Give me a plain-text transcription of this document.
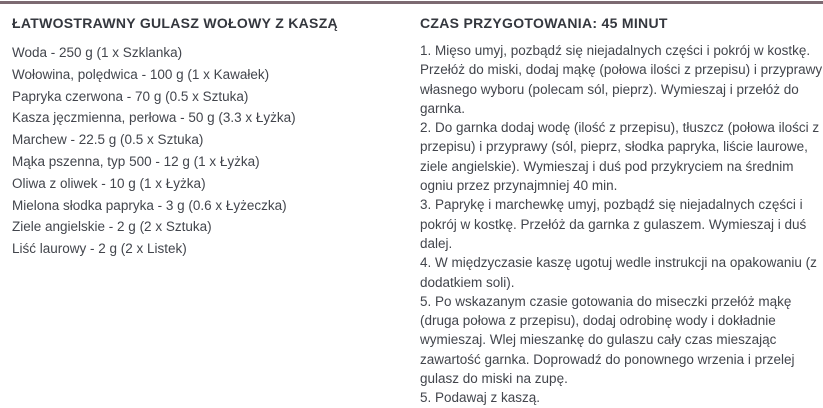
ŁATWOSTRAWNY GULASZ WOŁOWY Z KASZĄ
Woda - 250 g (1 x Szklanka)
Wołowina, polędwica - 100 g (1 x Kawałek)
Papryka czerwona - 70 g (0.5 x Sztuka)
Kasza jęczmienna, perłowa - 50 g (3.3 x Łyżka)
Marchew - 22.5 g (0.5 x Sztuka)
Mąka pszenna, typ 500 - 12 g (1 x Łyżka)
Oliwa z oliwek - 10 g (1 x Łyżka)
Mielona słodka papryka - 3 g (0.6 x Łyżeczka)
Ziele angielskie - 2 g (2 x Sztuka)
Liść laurowy - 2 g (2 x Listek)
CZAS PRZYGOTOWANIA: 45 MINUT

1. Mięso umyj, pozbądź się niejadalnych części i pokrój w kostkę. Przełóż do miski, dodaj mąkę (połowa ilości z przepisu) i przyprawy własnego wyboru (polecam sól, pieprz). Wymieszaj i przełóż do garnka.

2. Do garnka dodaj wodę (ilość z przepisu), tłuszcz (połowa ilości z przepisu) i przyprawy (sól, pieprz, słodka papryka, liście laurowe, ziele angielskie). Wymieszaj i duś pod przykryciem na średnim ogniu przez przynajmniej 40 min.

3. Paprykę i marchewkę umyj, pozbądź się niejadalnych części i pokrój w kostkę. Przełóż da garnka z gulaszem. Wymieszaj i duś dalej.

4. W międzyczasie kaszę ugotuj wedle instrukcji na opakowaniu (z dodatkiem soli).

5. Po wskazanym czasie gotowania do miseczki przełóż mąkę (druga połowa z przepisu), dodaj odrobinę wody i dokładnie wymieszaj. Wlej mieszankę do gulaszu cały czas mieszając zawartość garnka. Doprowadź do ponownego wrzenia i przelej gulasz do miski na zupę.

5. Podawaj z kaszą.
